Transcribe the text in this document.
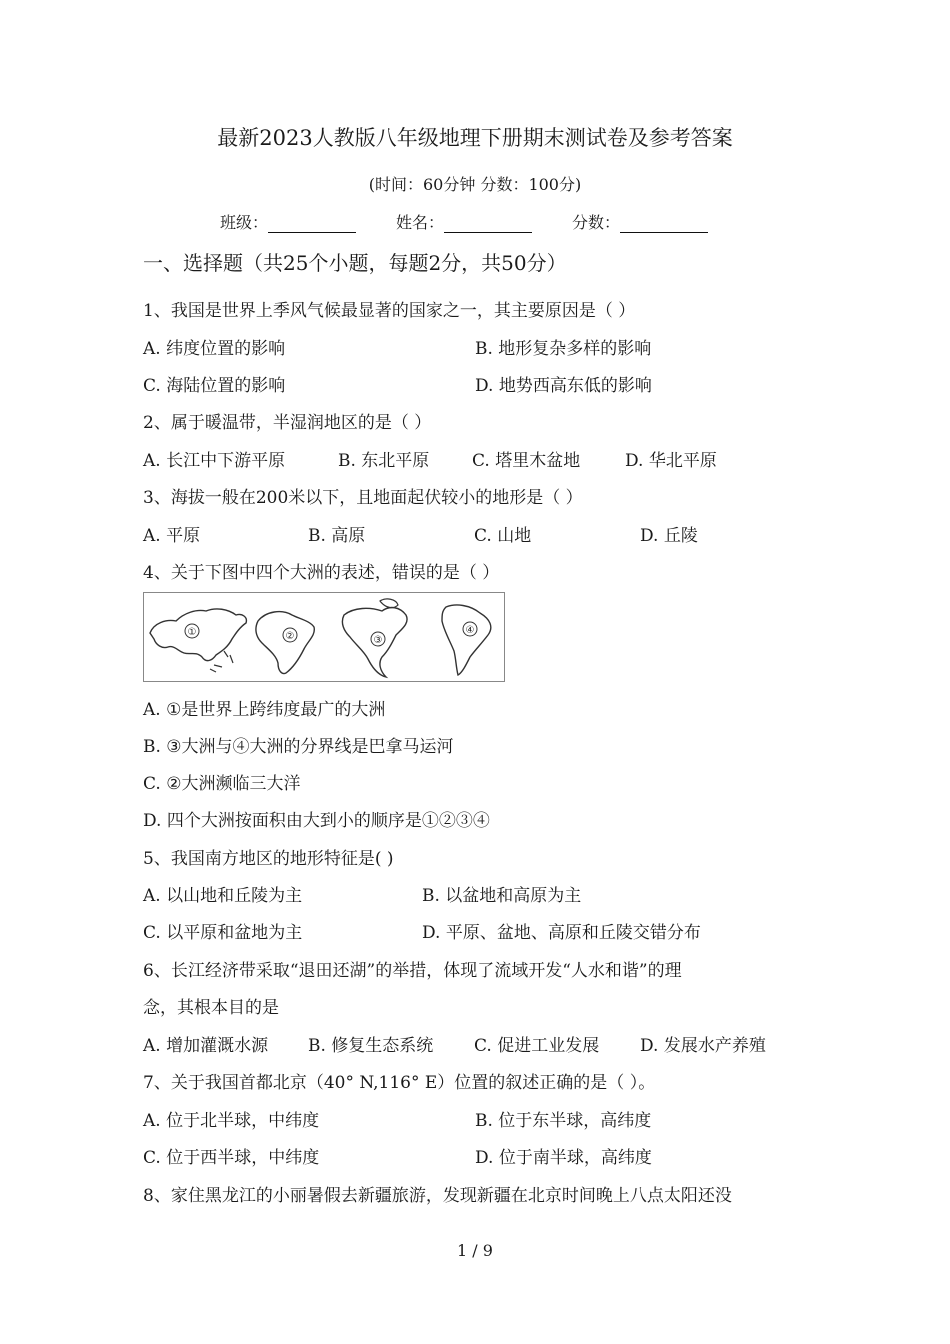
最新2023人教版八年级地理下册期末测试卷及参考答案
(时间：60分钟 分数：100分)
班级：	姓名：	分数：
一、选择题（共25个小题，每题2分，共50分）
1、我国是世界上季风气候最显著的国家之一，其主要原因是（ ）
A. 纬度位置的影响	B. 地形复杂多样的影响
C. 海陆位置的影响	D. 地势西高东低的影响
2、属于暖温带，半湿润地区的是（ ）
A. 长江中下游平原	B. 东北平原	C. 塔里木盆地	D. 华北平原
3、海拔一般在200米以下，且地面起伏较小的地形是（ ）
A. 平原	B. 高原	C. 山地	D. 丘陵
4、关于下图中四个大洲的表述，错误的是（ ）
①	②	③
④
A. ①是世界上跨纬度最广的大洲
B. ③大洲与④大洲的分界线是巴拿马运河
C. ②大洲濒临三大洋
D. 四个大洲按面积由大到小的顺序是①②③④
5、我国南方地区的地形特征是( )
A. 以山地和丘陵为主	B. 以盆地和高原为主
C. 以平原和盆地为主	D. 平原、盆地、高原和丘陵交错分布
6、长江经济带采取“退田还湖”的举措，体现了流域开发“人水和谐”的理
念，其根本目的是
A. 增加灌溉水源 B. 修复生态系统 C. 促进工业发展 D. 发展水产养殖
7、关于我国首都北京（40° N,116° E）位置的叙述正确的是（ ）。
A. 位于北半球，中纬度	B. 位于东半球，高纬度
C. 位于西半球，中纬度	D. 位于南半球，高纬度
8、家住黑龙江的小丽暑假去新疆旅游，发现新疆在北京时间晚上八点太阳还没
1 / 9
